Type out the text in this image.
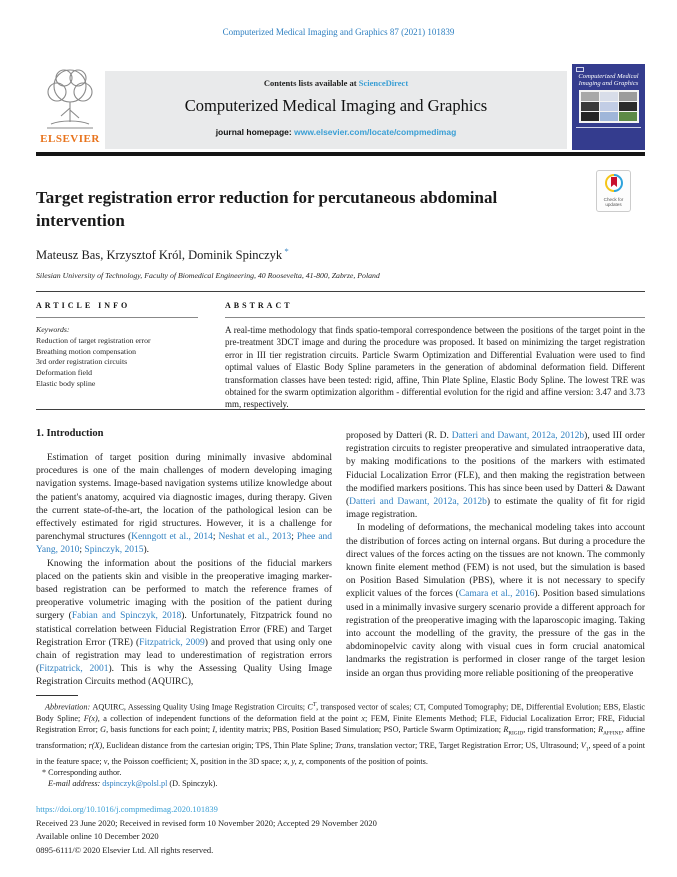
Computerized Medical Imaging and Graphics 87 (2021) 101839
ELSEVIER
Contents lists available at ScienceDirect
Computerized Medical Imaging and Graphics
journal homepage: www.elsevier.com/locate/compmedimag
Computerized Medical Imaging and Graphics
Target registration error reduction for percutaneous abdominal intervention
Check for
updates
Mateusz Bas, Krzysztof Król, Dominik Spinczyk *
Silesian University of Technology, Faculty of Biomedical Engineering, 40 Roosevelta, 41-800, Zabrze, Poland
ARTICLE INFO	ABSTRACT
Keywords:
Reduction of target registration error
Breathing motion compensation
3rd order registration circuits
Deformation field
Elastic body spline
A real-time methodology that finds spatio-temporal correspondence between the positions of the target point in the pre-treatment 3DCT image and during the procedure was proposed. It based on minimizing the target registration error in III tier registration circuits. Particle Swarm Optimization and Differential Evaluation were used to find optimal values of Elastic Body Spline parameters in the generation of abdominal deformation field. Different transformation classes have been tested: rigid, affine, Thin Plate Spline, Elastic Body Spline. The lowest TRE was obtained for the swarm optimization algorithm - differential evolution for the rigid and affine version: 3.47 and 3.73 mm, respectively.
1. Introduction

Estimation of target position during minimally invasive abdominal procedures is one of the main challenges of modern developing imaging navigation systems. Image-based navigation systems utilize knowledge about the patient's anatomy, acquired via diagnostic images, during therapy. Given the current state-of-the-art, the location of the pathological lesion can be effectively estimated for rigid structures. However, it is a challenge for parenchymal structures (Kenngott et al., 2014; Neshat et al., 2013; Phee and Yang, 2010; Spinczyk, 2015).

Knowing the information about the positions of the fiducial markers placed on the patients skin and visible in the preoperative imaging marker-based registration can be performed to match the reference frames of preoperative volumetric imaging with the position of the patient during surgery (Fabian and Spinczyk, 2018). Unfortunately, Fitzpatrick found no statistical correlation between Fiducial Registration Error (FRE) and Target Registration Error (TRE) (Fitzpatrick, 2009) and proved that using only one chain of registration may lead to underestimation of registration errors (Fitzpatrick, 2001). This is why the Assessing Quality Using Image Registration Circuits method (AQUIRC),

proposed by Datteri (R. D. Datteri and Dawant, 2012a, 2012b), used III order registration circuits to register preoperative and simulated intraoperative data, by making modifications to the positions of the markers with estimated Fiducial Localization Error (FLE), and then making the registration between the modified markers positions. This has since been used by Datteri & Dawant (Datteri and Dawant, 2012a, 2012b) to estimate the quality of fit for rigid image registration.

In modeling of deformations, the mechanical modeling takes into account the distribution of forces acting on internal organs. But during a procedure the direct values of the forces acting on the tissues are not known. The commonly known finite element method (FEM) is not used, but the simulation is based on Position Based Simulation (PBS), where it is not necessary to specify explicit values of the forces (Camara et al., 2016). Position based simulations used in a minimally invasive surgery scenario provide a different approach for registration of the preoperative imaging with the laparoscopic imaging. Taking into account the modelling of the gravity, the pressure of the gas in the abdominopelvic cavity along with visual cues in form crucial anatomical landmarks the registration is performed in closer range of the target lesion inside an organ thus providing more reliable positioning of the preoperative

Abbreviation: AQUIRC, Assessing Quality Using Image Registration Circuits; $C^T$, transposed vector of scales; CT, Computed Tomography; DE, Differential Evolution; EBS, Elastic Body Spline; F(x), a collection of independent functions of the deformation field at the point x; FEM, Finite Elements Method; FLE, Fiducial Localization Error; FRE, Fiducial Registration Error; G, basis functions for each point; I, identity matrix; PBS, Position Based Simulation; PSO, Particle Swarm Optimization; $R_{RIGID}$, rigid transformation; $R_{AFFINE}$, affine transformation; r(X), Euclidean distance from the cartesian origin; TPS, Thin Plate Spline; Trans, translation vector; TRE, Target Registration Error; US, Ultrasound; $V_1$, speed of a point in the feature space; ν, the Poisson coefficient; X, position in the 3D space; x, y, z, components of the position of points.

* Corresponding author.
E-mail address: dspinczyk@polsl.pl (D. Spinczyk).
https://doi.org/10.1016/j.compmedimag.2020.101839
Received 23 June 2020; Received in revised form 10 November 2020; Accepted 29 November 2020
Available online 10 December 2020
0895-6111/© 2020 Elsevier Ltd. All rights reserved.
